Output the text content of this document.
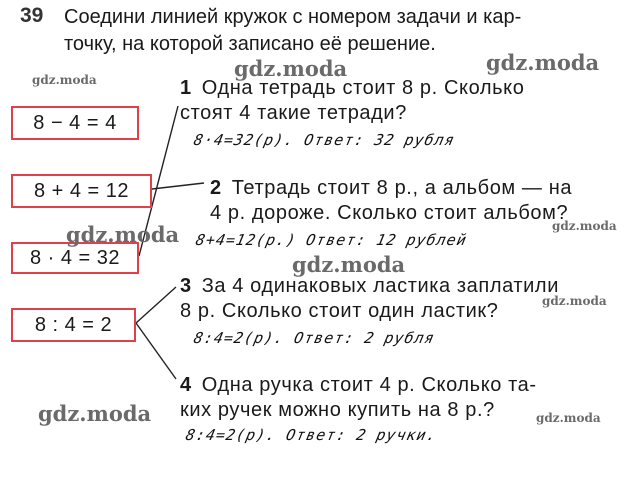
39 Соедини линией кружок с номером задачи и кар-
точку, на которой записано её решение.
8 − 4 = 4
8 + 4 = 12
8 · 4 = 32
8 : 4 = 2
1 Одна тетрадь стоит 8 р. Сколько
стоят 4 такие тетради?
8·4=32(р). Ответ: 32 рубля
2 Тетрадь стоит 8 р., а альбом — на
4 р. дороже. Сколько стоит альбом?
8+4=12(р.) Ответ: 12 рублей
3 За 4 одинаковых ластика заплатили
8 р. Сколько стоит один ластик?
8:4=2(р). Ответ: 2 рубля
4 Одна ручка стоит 4 р. Сколько та-
ких ручек можно купить на 8 р.?
8:4=2(р). Ответ: 2 ручки.
gdz.moda	gdz.moda	gdz.moda
gdz.moda	gdz.moda
gdz.moda
gdz.moda
gdz.moda	gdz.moda
